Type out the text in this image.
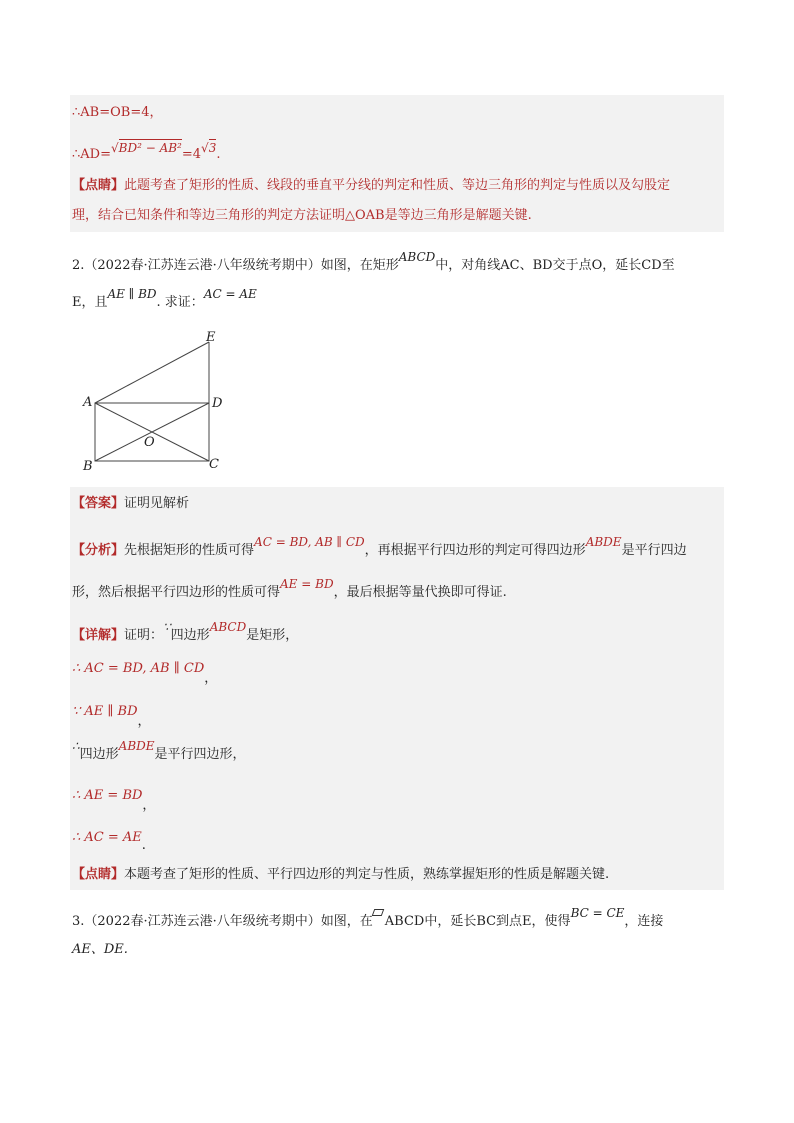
∴AB=OB=4，
∴AD=√BD² − AB²=4√3.
【点睛】此题考查了矩形的性质、线段的垂直平分线的判定和性质、等边三角形的判定与性质以及勾股定
理，结合已知条件和等边三角形的判定方法证明△OAB是等边三角形是解题关键.
2.（2022春·江苏连云港·八年级统考期中）如图，在矩形ABCD中，对角线AC、BD交于点O，延长CD至
E，且AE ∥ BD. 求证：AC = AE
E
A	D
O
B	C
【答案】证明见解析
【分析】先根据矩形的性质可得AC = BD, AB ∥ CD，再根据平行四边形的判定可得四边形ABDE是平行四边
形，然后根据平行四边形的性质可得AE = BD，最后根据等量代换即可得证.
【详解】证明：∵四边形ABCD是矩形，
∴ AC = BD, AB ∥ CD，
∵ AE ∥ BD，
∴四边形ABDE是平行四边形，
∴ AE = BD，
∴ AC = AE.
【点睛】本题考查了矩形的性质、平行四边形的判定与性质，熟练掌握矩形的性质是解题关键.
3.（2022春·江苏连云港·八年级统考期中）如图，在 ABCD中，延长BC到点E，使得BC = CE，连接
AE、DE.
